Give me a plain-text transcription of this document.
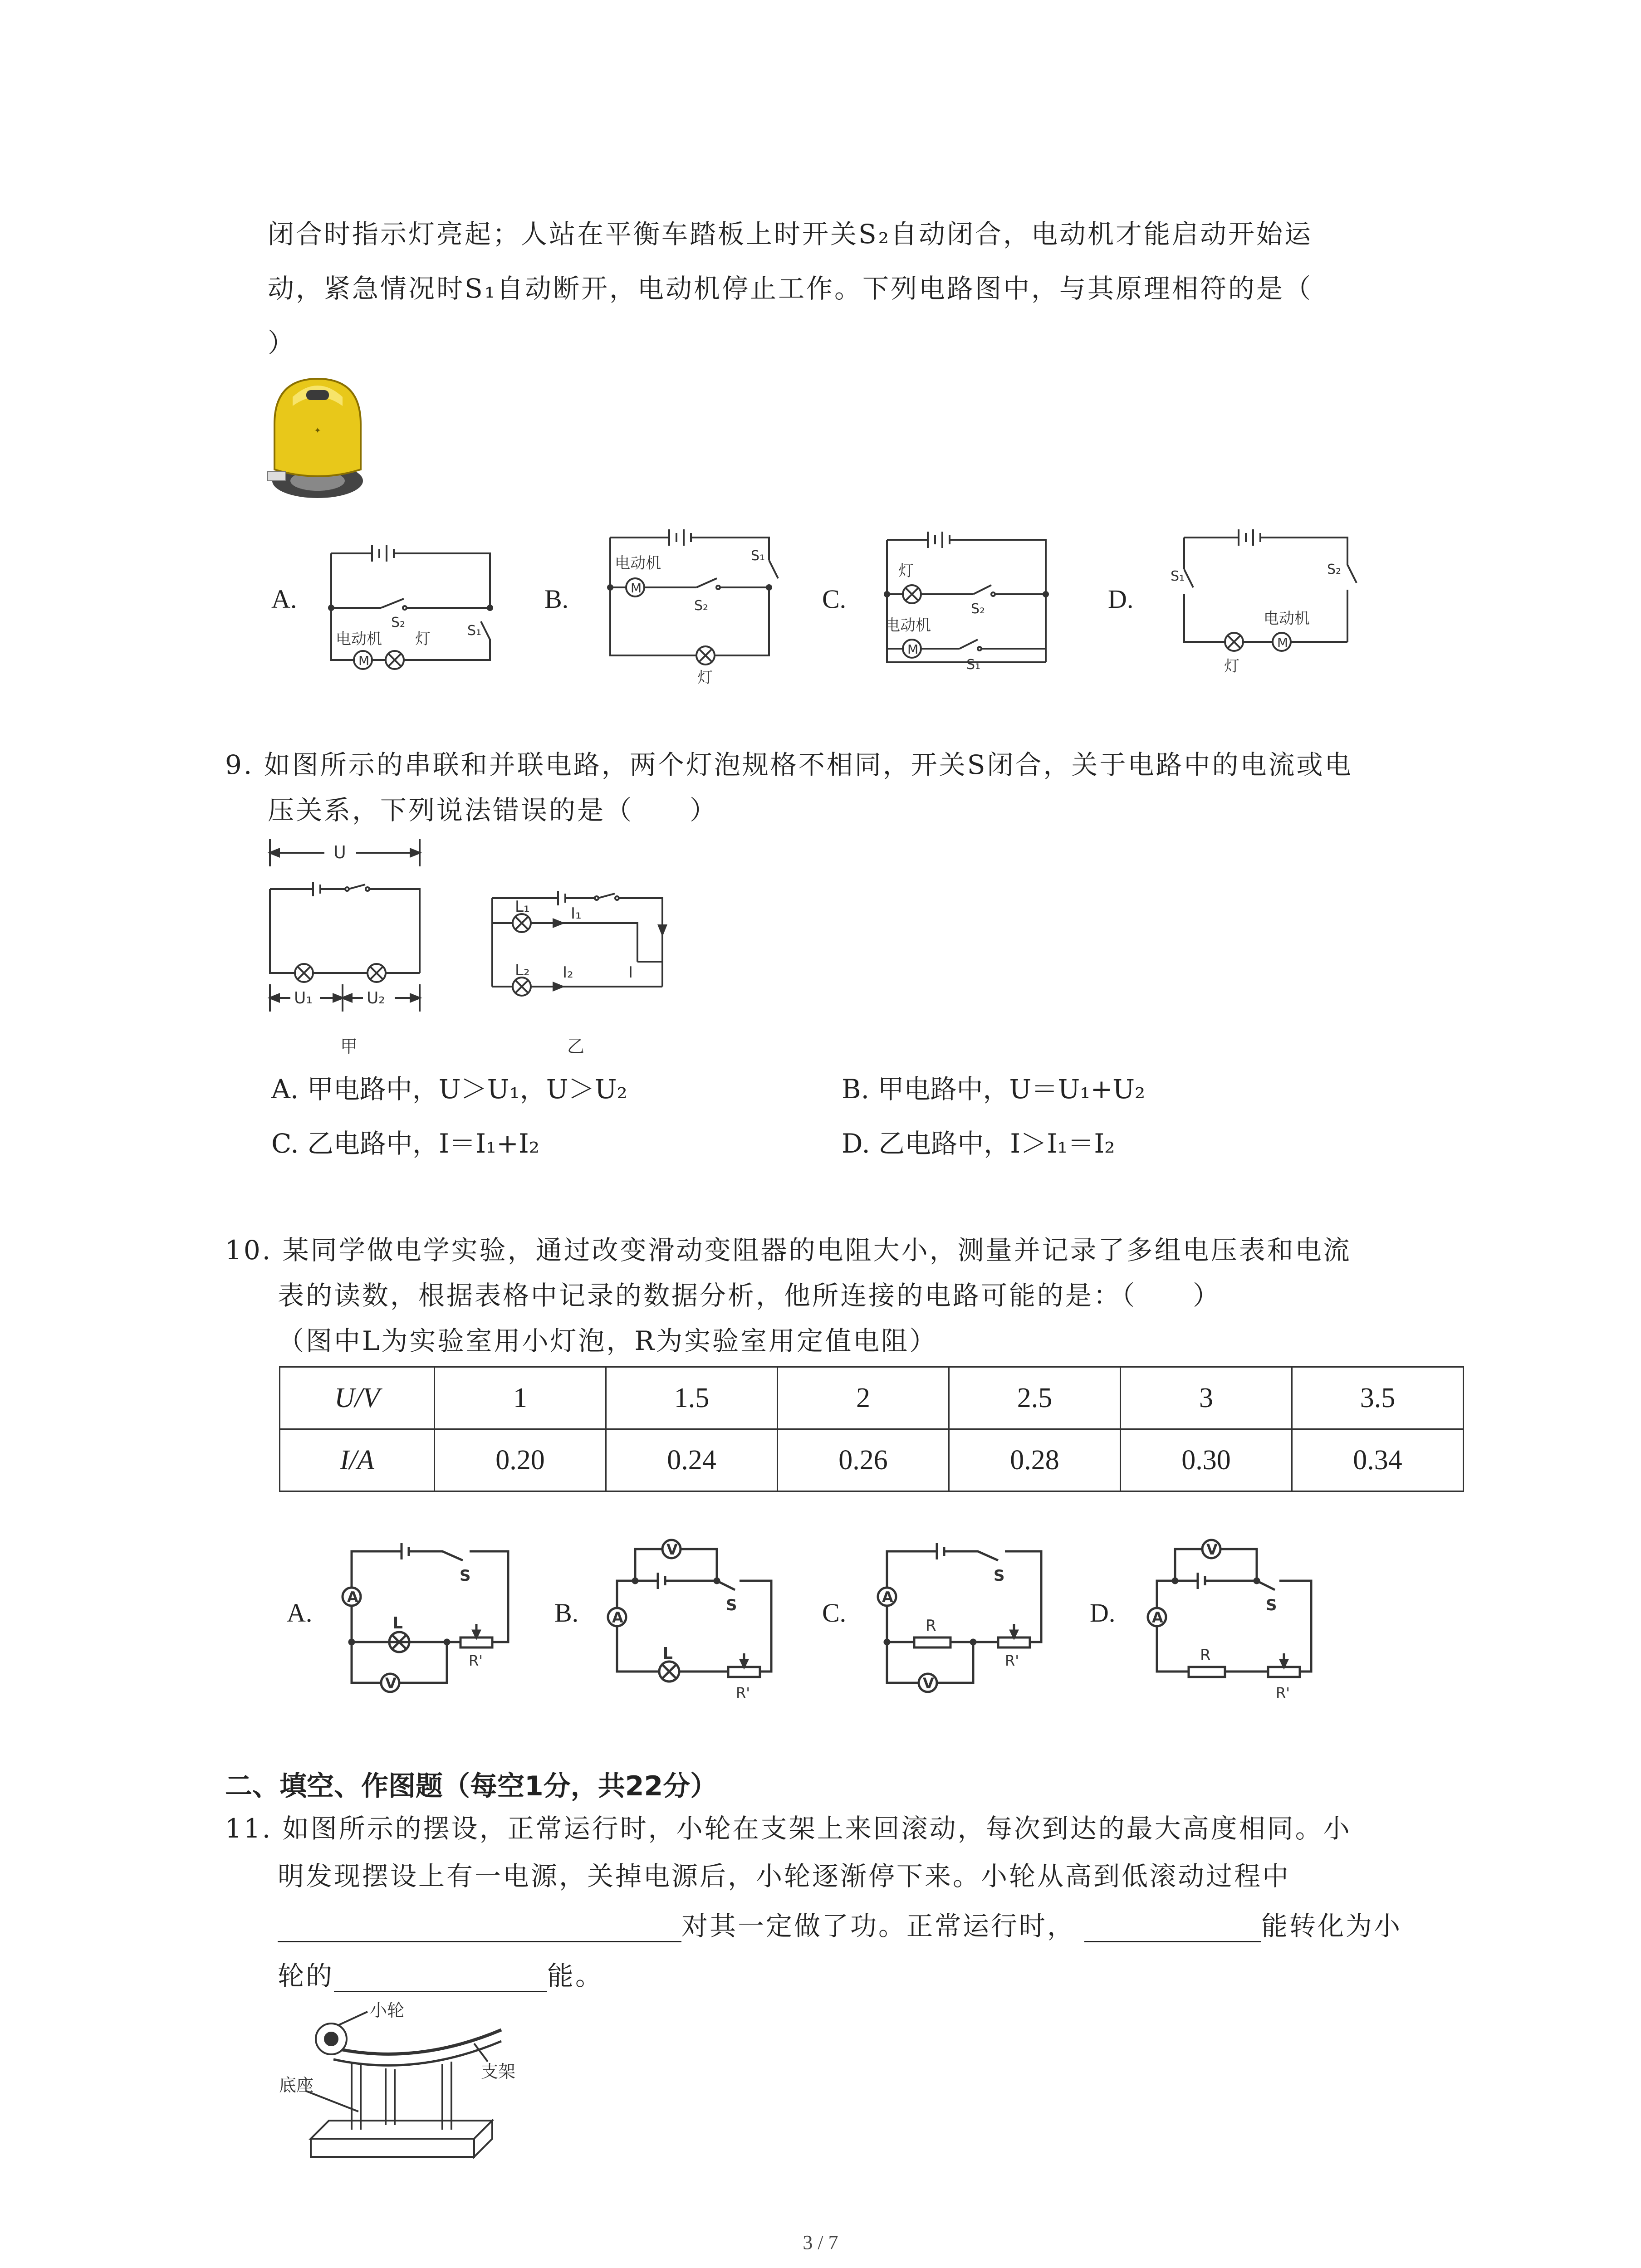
闭合时指示灯亮起；人站在平衡车踏板上时开关S₂自动闭合，电动机才能启动开始运
动，紧急情况时S₁自动断开，电动机停止工作。下列电路图中，与其原理相符的是（
）
✦
A.	B.	C.	D.
S₂
S₁
电动机 灯
M
电动机
S₂
S₁
灯
M
灯
S₂
电动机
S₁
M
S₁	S₂
电动机
灯
M
9. 如图所示的串联和并联电路，两个灯泡规格不相同，开关S闭合，关于电路中的电流或电
压关系，下列说法错误的是（　　）
U
U₁	U₂
甲
L₁	I₁
L₂ I₂	I
乙
A. 甲电路中，U＞U₁，U＞U₂	B. 甲电路中，U＝U₁+U₂
C. 乙电路中，I＝I₁+I₂	D. 乙电路中，I＞I₁＝I₂
10. 某同学做电学实验，通过改变滑动变阻器的电阻大小，测量并记录了多组电压表和电流
表的读数，根据表格中记录的数据分析，他所连接的电路可能的是：（　　）
（图中L为实验室用小灯泡，R为实验室用定值电阻）
U/V	1	1.5	2	2.5	3	3.5
I/A	0.20	0.24	0.26	0.28	0.30	0.34
A.	B.	C.	D.
A
V
L
S
R'
V
A
L
S
R'
A
V
R
S
R'
V
A
R
S
R'
二、填空、作图题（每空1分，共22分）
11. 如图所示的摆设，正常运行时，小轮在支架上来回滚动，每次到达的最大高度相同。小
明发现摆设上有一电源，关掉电源后，小轮逐渐停下来。小轮从高到低滚动过程中
对其一定做了功。正常运行时，	能转化为小
轮的	能。
小轮
底座
支架
3 / 7
